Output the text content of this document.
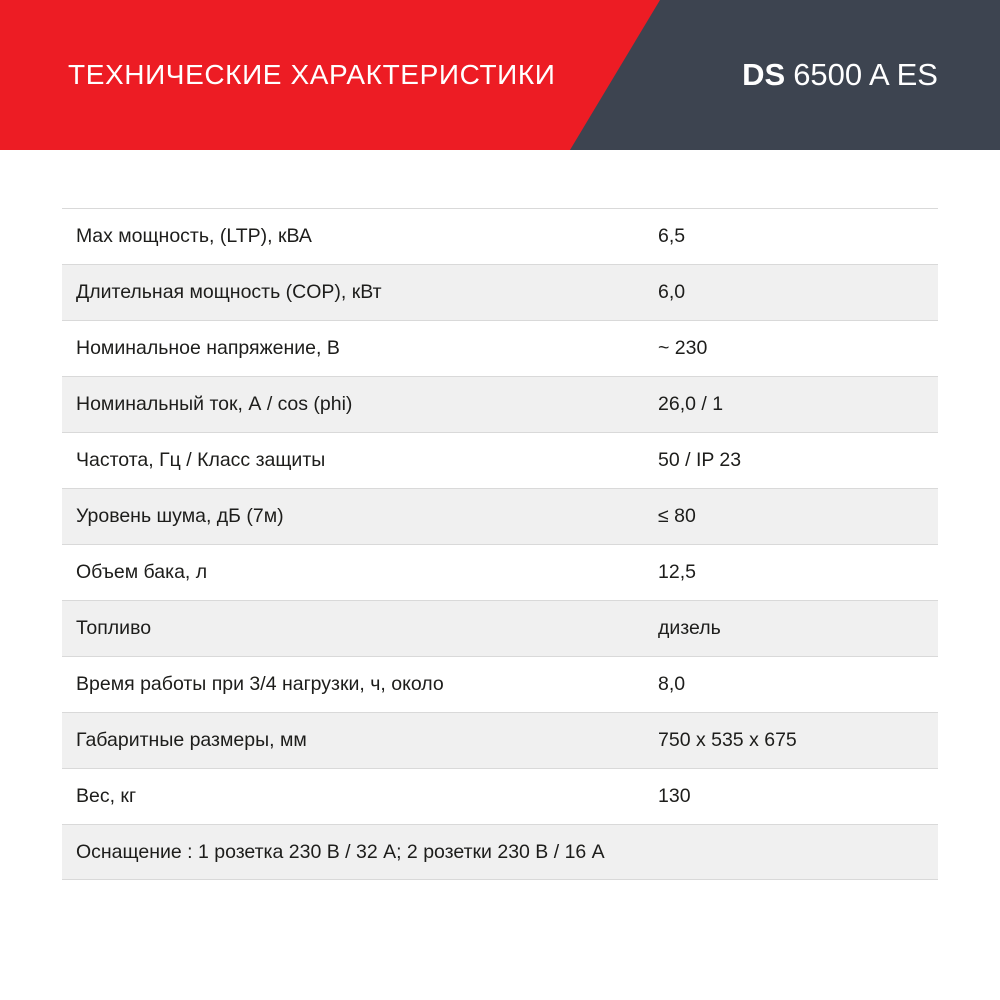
ТЕХНИЧЕСКИЕ ХАРАКТЕРИСТИКИ	DS 6500 A ES
Max мощность, (LTP), кВА	6,5
Длительная мощность (COP), кВт	6,0
Номинальное напряжение, В	~ 230
Номинальный ток, А / cos (phi)	26,0 / 1
Частота, Гц / Класс защиты	50 / IP 23
Уровень шума, дБ (7м)	≤ 80
Объем бака, л	12,5
Топливо	дизель
Время работы при 3/4 нагрузки, ч, около	8,0
Габаритные размеры, мм	750 x 535 x 675
Вес, кг	130
Оснащение : 1 розетка 230 В / 32 A; 2 розетки 230 В / 16 A
